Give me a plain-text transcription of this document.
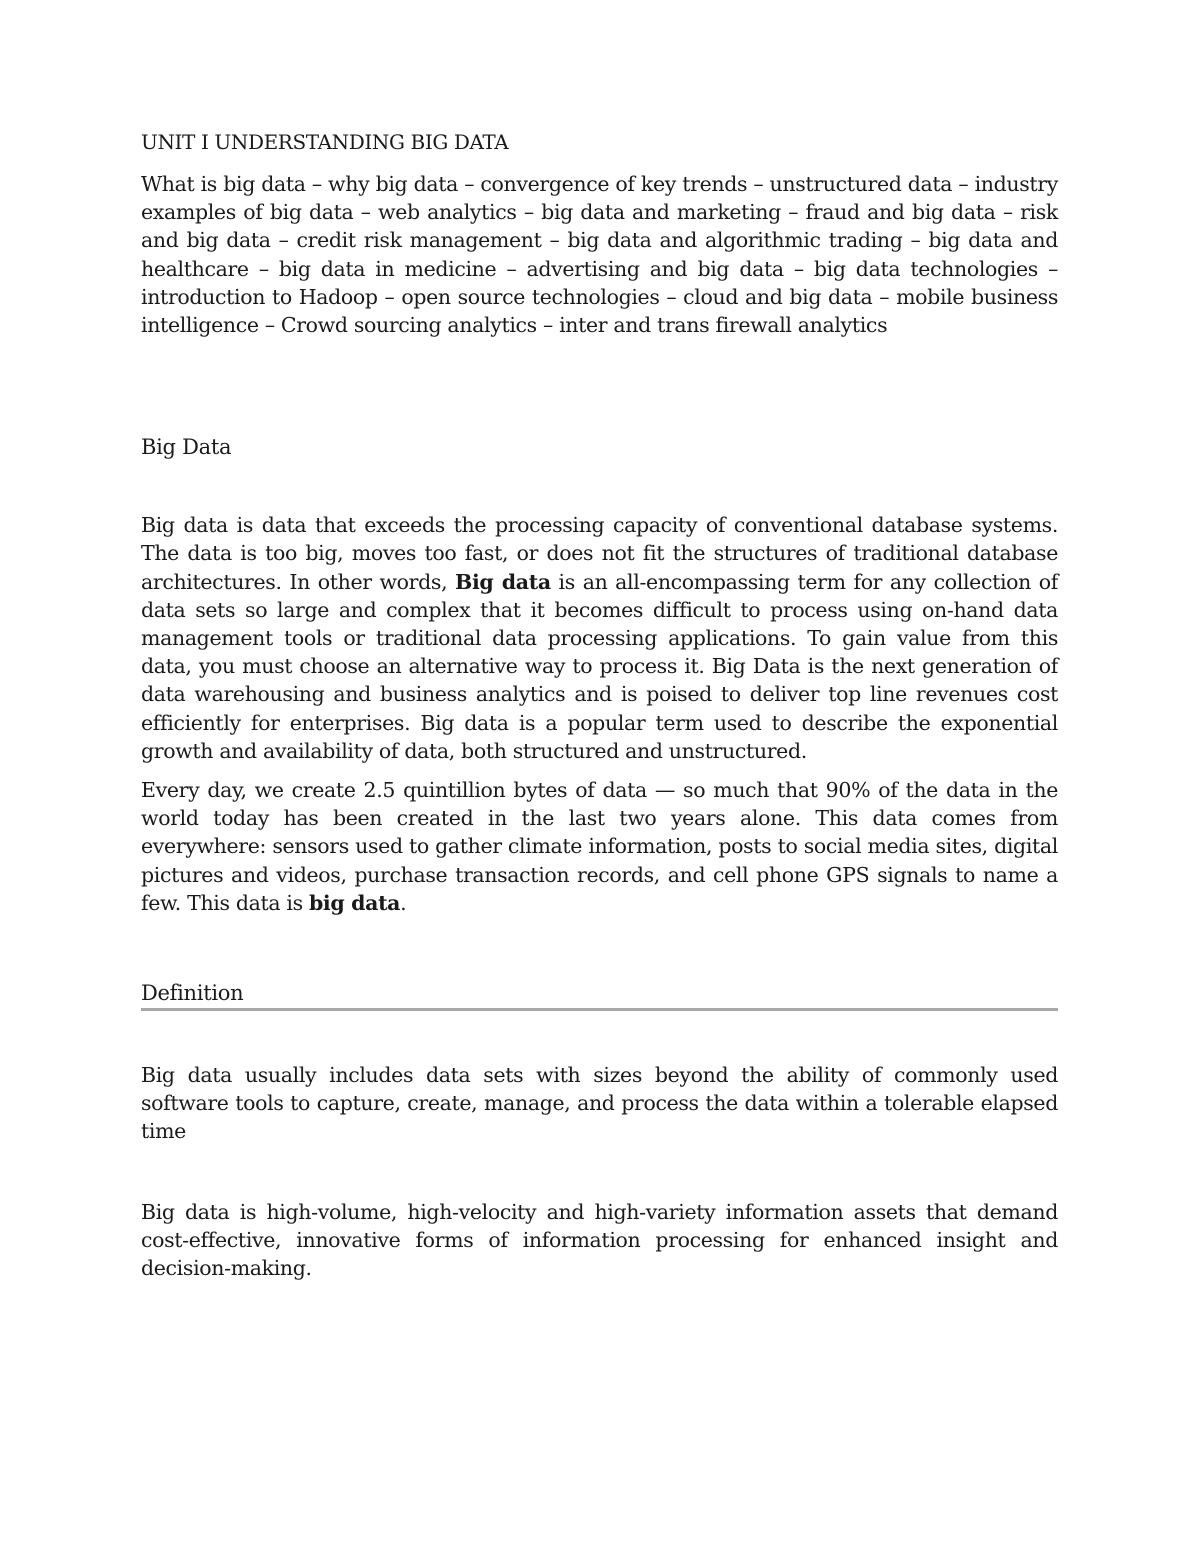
UNIT I UNDERSTANDING BIG DATA

What is big data – why big data – convergence of key trends – unstructured data – industry examples of big data – web analytics – big data and marketing – fraud and big data – risk and big data – credit risk management – big data and algorithmic trading – big data and healthcare – big data in medicine – advertising and big data – big data technologies – introduction to Hadoop – open source technologies – cloud and big data – mobile business intelligence – Crowd sourcing analytics – inter and trans firewall analytics

Big Data

Big data is data that exceeds the processing capacity of conventional database systems. The data is too big, moves too fast, or does not fit the structures of traditional database architectures. In other words, Big data is an all-encompassing term for any collection of data sets so large and complex that it becomes difficult to process using on-hand data management tools or traditional data processing applications. To gain value from this data, you must choose an alternative way to process it. Big Data is the next generation of data warehousing and business analytics and is poised to deliver top line revenues cost efficiently for enterprises. Big data is a popular term used to describe the exponential growth and availability of data, both structured and unstructured.

Every day, we create 2.5 quintillion bytes of data — so much that 90% of the data in the world today has been created in the last two years alone. This data comes from everywhere: sensors used to gather climate information, posts to social media sites, digital pictures and videos, purchase transaction records, and cell phone GPS signals to name a few. This data is big data.

Definition

Big data usually includes data sets with sizes beyond the ability of commonly used software tools to capture, create, manage, and process the data within a tolerable elapsed time

Big data is high-volume, high-velocity and high-variety information assets that demand cost-effective, innovative forms of information processing for enhanced insight and decision-making.
